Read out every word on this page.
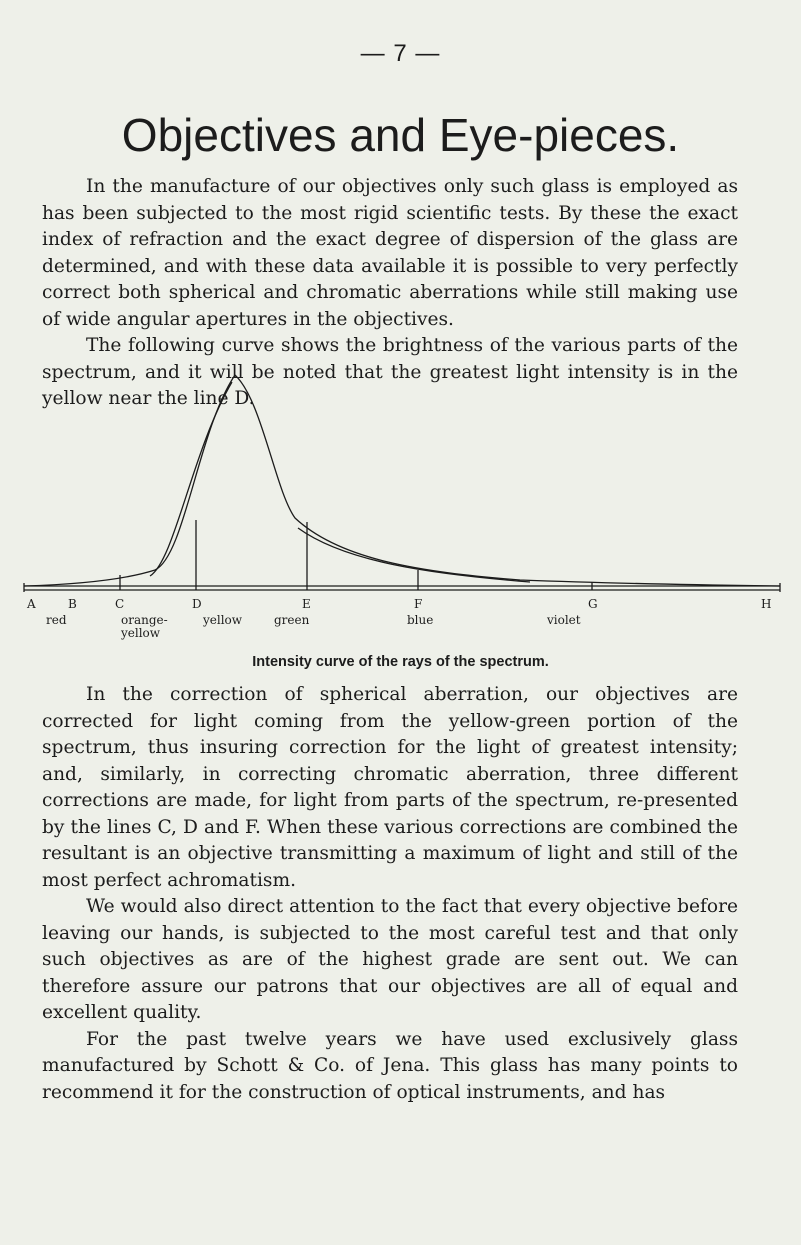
— 7 —
Objectives and Eye-pieces.

In the manufacture of our objectives only such glass is employed as has been subjected to the most rigid scientific tests. By these the exact index of refraction and the exact degree of dispersion of the glass are determined, and with these data available it is possible to very perfectly correct both spherical and chromatic aberrations while still making use of wide angular apertures in the objectives.

The following curve shows the brightness of the various parts of the spectrum, and it will be noted that the greatest light intensity is in the yellow near the line D.

A	B	C	D	E	F	G	H
red	orange-
yellow
yellow	green	blue	violet
Intensity curve of the rays of the spectrum.

In the correction of spherical aberration, our objectives are corrected for light coming from the yellow-green portion of the spectrum, thus insuring correction for the light of greatest intensity; and, similarly, in correcting chromatic aberration, three different corrections are made, for light from parts of the spectrum, re-presented by the lines C, D and F. When these various corrections are combined the resultant is an objective transmitting a maximum of light and still of the most perfect achromatism.

We would also direct attention to the fact that every objective before leaving our hands, is subjected to the most careful test and that only such objectives as are of the highest grade are sent out. We can therefore assure our patrons that our objectives are all of equal and excellent quality.

For the past twelve years we have used exclusively glass manufactured by Schott & Co. of Jena. This glass has many points to recommend it for the construction of optical instruments, and has
